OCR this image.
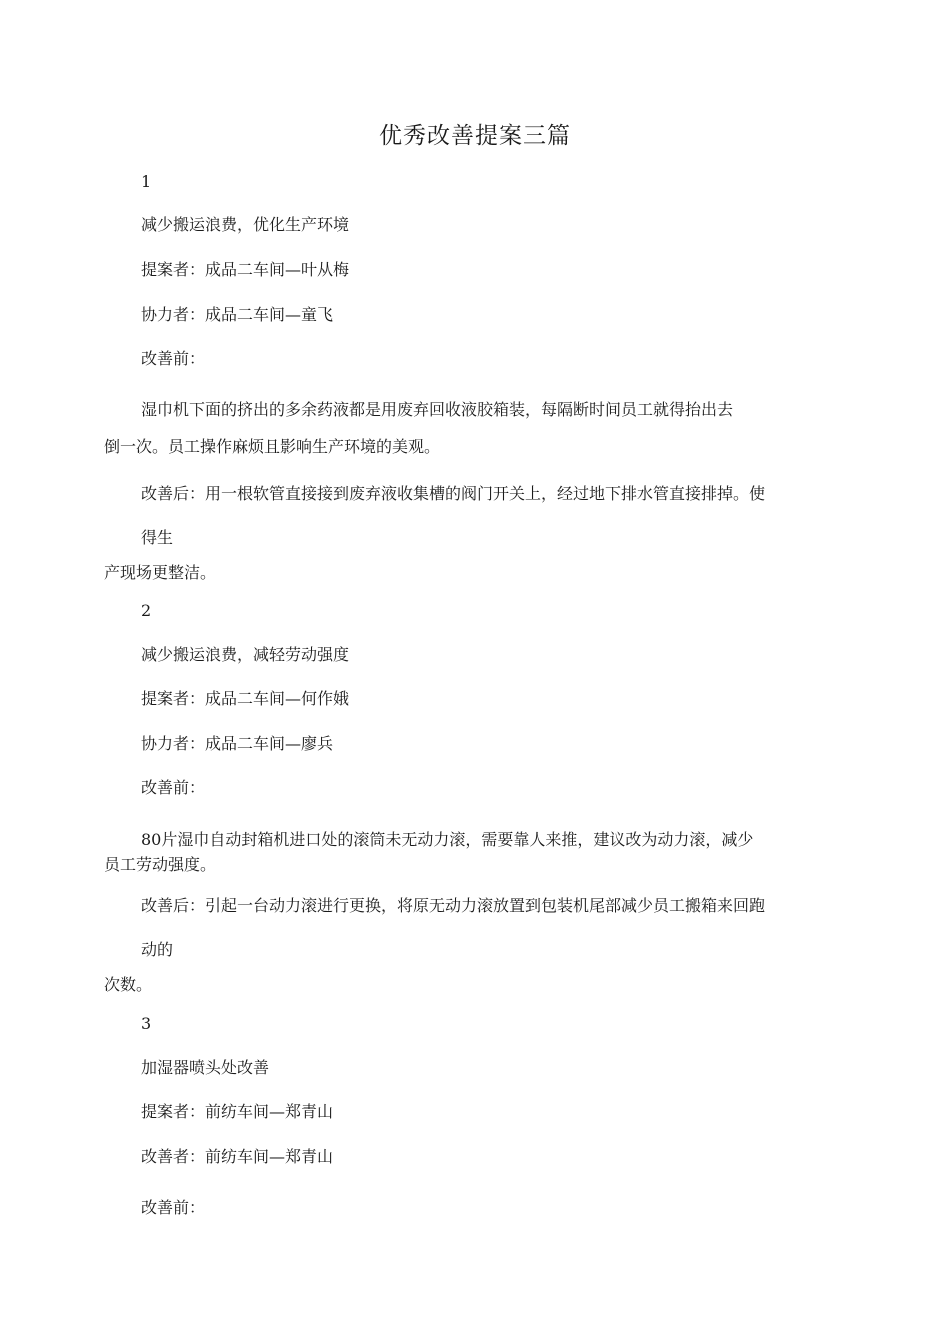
优秀改善提案三篇
1
减少搬运浪费，优化生产环境
提案者：成品二车间—叶从梅
协力者：成品二车间—童飞
改善前：
湿巾机下面的挤出的多余药液都是用废弃回收液胶箱装，每隔断时间员工就得抬出去
倒一次。员工操作麻烦且影响生产环境的美观。
改善后：用一根软管直接接到废弃液收集槽的阀门开关上，经过地下排水管直接排掉。使
得生
产现场更整洁。
2
减少搬运浪费，减轻劳动强度
提案者：成品二车间—何作娥
协力者：成品二车间—廖兵
改善前：
80片湿巾自动封箱机进口处的滚筒未无动力滚，需要靠人来推，建议改为动力滚，减少
员工劳动强度。
改善后：引起一台动力滚进行更换，将原无动力滚放置到包装机尾部减少员工搬箱来回跑
动的
次数。
3
加湿器喷头处改善
提案者：前纺车间—郑青山
改善者：前纺车间—郑青山
改善前：
